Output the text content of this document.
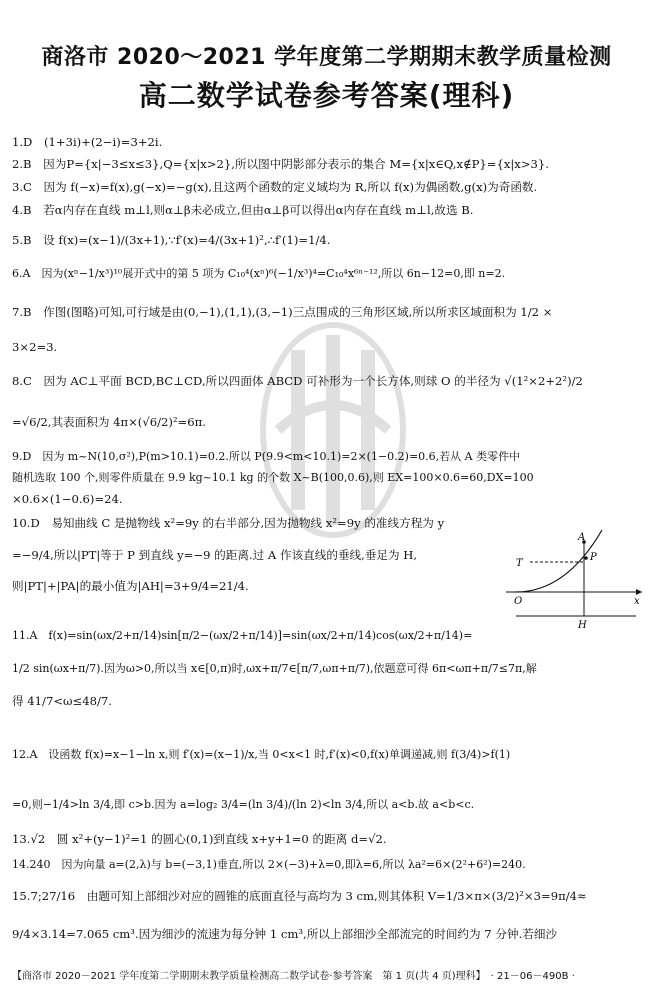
商洛市 2020～2021 学年度第二学期期末教学质量检测
高二数学试卷参考答案(理科)
1.D　(1+3i)+(2−i)=3+2i.
2.B　因为P={x|−3≤x≤3},Q={x|x>2},所以图中阴影部分表示的集合 M={x|x∈Q,x∉P}={x|x>3}.
3.C　因为 f(−x)=f(x),g(−x)=−g(x),且这两个函数的定义域均为 R,所以 f(x)为偶函数,g(x)为奇函数.
4.B　若α内存在直线 m⊥l,则α⊥β未必成立,但由α⊥β可以得出α内存在直线 m⊥l,故选 B.
5.B　设 f(x)=(x−1)/(3x+1),∵f′(x)=4/(3x+1)²,∴f′(1)=1/4.
6.A　因为(xⁿ−1/x³)¹⁰展开式中的第 5 项为 C₁₀⁴(xⁿ)⁶(−1/x³)⁴=C₁₀⁴x⁶ⁿ⁻¹²,所以 6n−12=0,即 n=2.
7.B　作图(图略)可知,可行域是由(0,−1),(1,1),(3,−1)三点围成的三角形区域,所以所求区域面积为 1/2 ×
3×2=3.
8.C　因为 AC⊥平面 BCD,BC⊥CD,所以四面体 ABCD 可补形为一个长方体,则球 O 的半径为 √(1²×2+2²)/2
=√6/2,其表面积为 4π×(√6/2)²=6π.
9.D　因为 m~N(10,σ²),P(m>10.1)=0.2.所以 P(9.9<m<10.1)=2×(1−0.2)=0.6,若从 A 类零件中
随机选取 100 个,则零件质量在 9.9 kg~10.1 kg 的个数 X~B(100,0.6),则 EX=100×0.6=60,DX=100
×0.6×(1−0.6)=24.
10.D　易知曲线 C 是抛物线 x²=9y 的右半部分,因为抛物线 x²=9y 的准线方程为 y
=−9/4,所以|PT|等于 P 到直线 y=−9 的距离.过 A 作该直线的垂线,垂足为 H,
则|PT|+|PA|的最小值为|AH|=3+9/4=21/4.
11.A　f(x)=sin(ωx/2+π/14)sin[π/2−(ωx/2+π/14)]=sin(ωx/2+π/14)cos(ωx/2+π/14)=
1/2 sin(ωx+π/7).因为ω>0,所以当 x∈[0,π)时,ωx+π/7∈[π/7,ωπ+π/7),依题意可得 6π<ωπ+π/7≤7π,解
得 41/7<ω≤48/7.
12.A　设函数 f(x)=x−1−ln x,则 f′(x)=(x−1)/x,当 0<x<1 时,f′(x)<0,f(x)单调递减,则 f(3/4)>f(1)
=0,则−1/4>ln 3/4,即 c>b.因为 a=log₂ 3/4=(ln 3/4)/(ln 2)<ln 3/4,所以 a<b.故 a<b<c.
13.√2　圆 x²+(y−1)²=1 的圆心(0,1)到直线 x+y+1=0 的距离 d=√2.
14.240　因为向量 a=(2,λ)与 b=(−3,1)垂直,所以 2×(−3)+λ=0,即λ=6,所以 λa²=6×(2²+6²)=240.
15.7;27/16　由题可知上部细沙对应的圆锥的底面直径与高均为 3 cm,则其体积 V=1/3×π×(3/2)²×3=9π/4≈
9/4×3.14=7.065 cm³.因为细沙的流速为每分钟 1 cm³,所以上部细沙全部流完的时间约为 7 分钟.若细沙
A
P
T
O	x
H
【商洛市 2020－2021 学年度第二学期期末教学质量检测高二数学试卷·参考答案　第 1 页(共 4 页)理科】　· 21－06－490B ·
